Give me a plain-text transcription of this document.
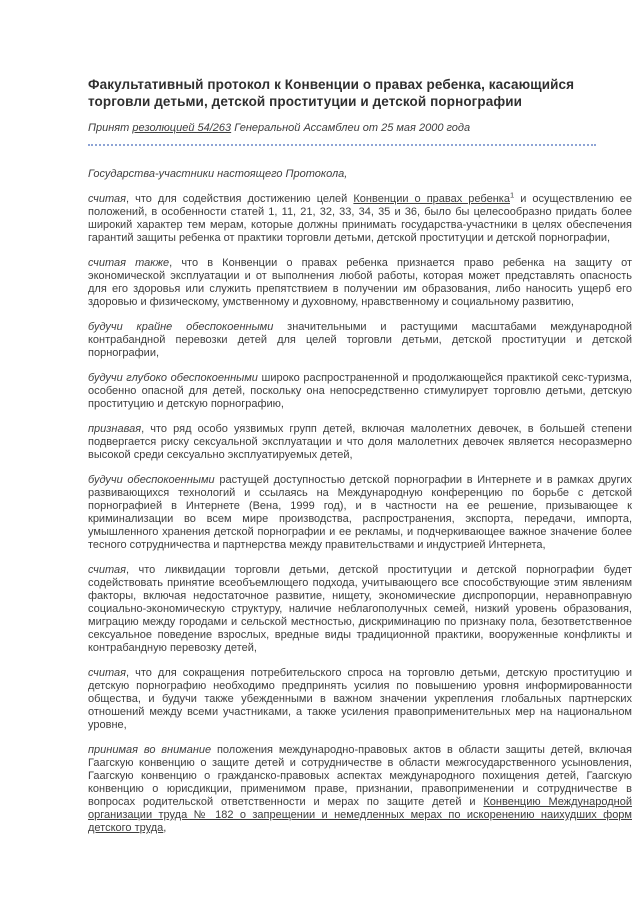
Факультативный протокол к Конвенции о правах ребенка, касающийся торговли детьми, детской проституции и детской порнографии

Принят резолюцией 54/263 Генеральной Ассамблеи от 25 мая 2000 года

Государства-участники настоящего Протокола,

считая, что для содействия достижению целей Конвенции о правах ребенка$^1$ и осуществлению ее положений, в особенности статей 1, 11, 21, 32, 33, 34, 35 и 36, было бы целесообразно придать более широкий характер тем мерам, которые должны принимать государства-участники в целях обеспечения гарантий защиты ребенка от практики торговли детьми, детской проституции и детской порнографии,

считая также, что в Конвенции о правах ребенка признается право ребенка на защиту от экономической эксплуатации и от выполнения любой работы, которая может представлять опасность для его здоровья или служить препятствием в получении им образования, либо наносить ущерб его здоровью и физическому, умственному и духовному, нравственному и социальному развитию,

будучи крайне обеспокоенными значительными и растущими масштабами международной контрабандной перевозки детей для целей торговли детьми, детской проституции и детской порнографии,

будучи глубоко обеспокоенными широко распространенной и продолжающейся практикой секс-туризма, особенно опасной для детей, поскольку она непосредственно стимулирует торговлю детьми, детскую проституцию и детскую порнографию,

признавая, что ряд особо уязвимых групп детей, включая малолетних девочек, в большей степени подвергается риску сексуальной эксплуатации и что доля малолетних девочек является несоразмерно высокой среди сексуально эксплуатируемых детей,

будучи обеспокоенными растущей доступностью детской порнографии в Интернете и в рамках других развивающихся технологий и ссылаясь на Международную конференцию по борьбе с детской порнографией в Интернете (Вена, 1999 год), и в частности на ее решение, призывающее к криминализации во всем мире производства, распространения, экспорта, передачи, импорта, умышленного хранения детской порнографии и ее рекламы, и подчеркивающее важное значение более тесного сотрудничества и партнерства между правительствами и индустрией Интернета,

считая, что ликвидации торговли детьми, детской проституции и детской порнографии будет содействовать принятие всеобъемлющего подхода, учитывающего все способствующие этим явлениям факторы, включая недостаточное развитие, нищету, экономические диспропорции, неравноправную социально-экономическую структуру, наличие неблагополучных семей, низкий уровень образования, миграцию между городами и сельской местностью, дискриминацию по признаку пола, безответственное сексуальное поведение взрослых, вредные виды традиционной практики, вооруженные конфликты и контрабандную перевозку детей,

считая, что для сокращения потребительского спроса на торговлю детьми, детскую проституцию и детскую порнографию необходимо предпринять усилия по повышению уровня информированности общества, и будучи также убежденными в важном значении укрепления глобальных партнерских отношений между всеми участниками, а также усиления правоприменительных мер на национальном уровне,

принимая во внимание положения международно-правовых актов в области защиты детей, включая Гаагскую конвенцию о защите детей и сотрудничестве в области межгосударственного усыновления, Гаагскую конвенцию о гражданско-правовых аспектах международного похищения детей, Гаагскую конвенцию о юрисдикции, применимом праве, признании, правоприменении и сотрудничестве в вопросах родительской ответственности и мерах по защите детей и Конвенцию Международной организации труда № 182 о запрещении и немедленных мерах по искоренению наихудших форм детского труда,
